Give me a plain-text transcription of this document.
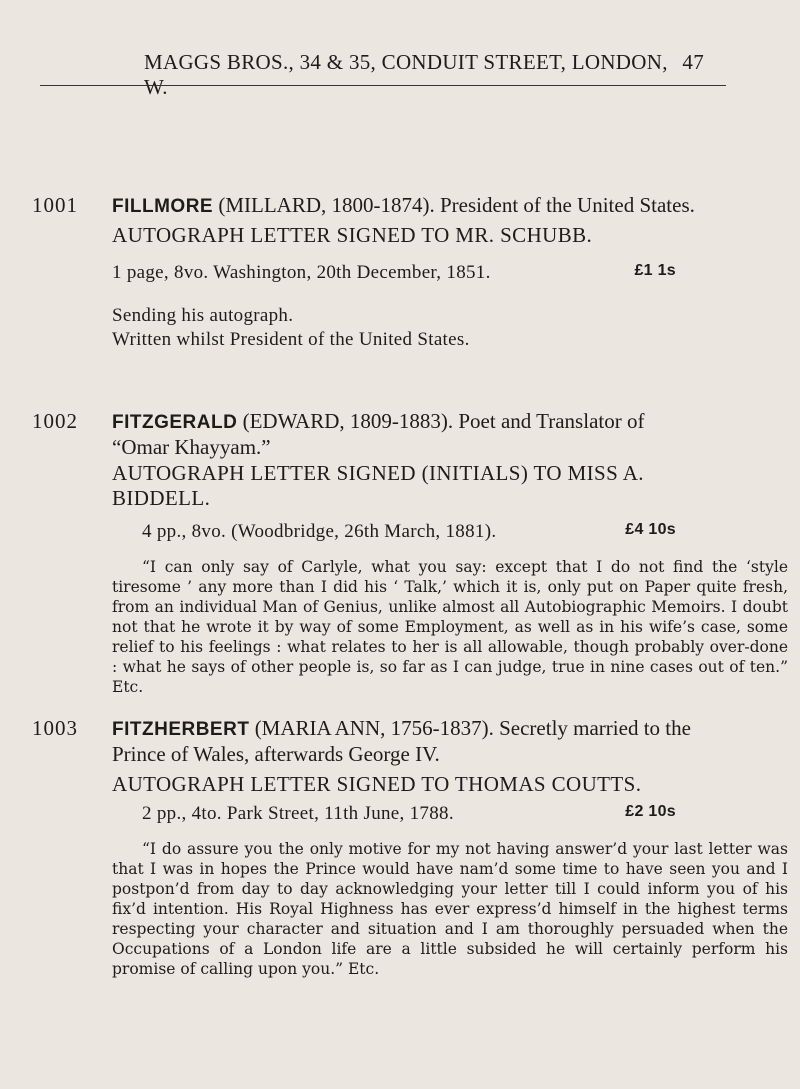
MAGGS BROS., 34 & 35, CONDUIT STREET, LONDON, W.
47
1001 FILLMORE (MILLARD, 1800-1874). President of the United States.
AUTOGRAPH LETTER SIGNED TO MR. SCHUBB.
1 page, 8vo. Washington, 20th December, 1851.	£1 1s
Sending his autograph.
Written whilst President of the United States.
1002 FITZGERALD (EDWARD, 1809-1883). Poet and Translator of
“Omar Khayyam.”
AUTOGRAPH LETTER SIGNED (INITIALS) TO MISS A.
BIDDELL.
4 pp., 8vo. (Woodbridge, 26th March, 1881).	£4 10s

“I can only say of Carlyle, what you say: except that I do not find the ‘style tiresome ’ any more than I did his ‘ Talk,’ which it is, only put on Paper quite fresh, from an individual Man of Genius, unlike almost all Autobiographic Memoirs. I doubt not that he wrote it by way of some Employment, as well as in his wife’s case, some relief to his feelings : what relates to her is all allowable, though probably over-done : what he says of other people is, so far as I can judge, true in nine cases out of ten.” Etc.

1003 FITZHERBERT (MARIA ANN, 1756-1837). Secretly married to the
Prince of Wales, afterwards George IV.
AUTOGRAPH LETTER SIGNED TO THOMAS COUTTS.
2 pp., 4to. Park Street, 11th June, 1788.	£2 10s

“I do assure you the only motive for my not having answer’d your last letter was that I was in hopes the Prince would have nam’d some time to have seen you and I postpon’d from day to day acknowledging your letter till I could inform you of his fix’d intention. His Royal Highness has ever express’d himself in the highest terms respecting your character and situation and I am thoroughly persuaded when the Occupations of a London life are a little subsided he will certainly perform his promise of calling upon you.” Etc.
